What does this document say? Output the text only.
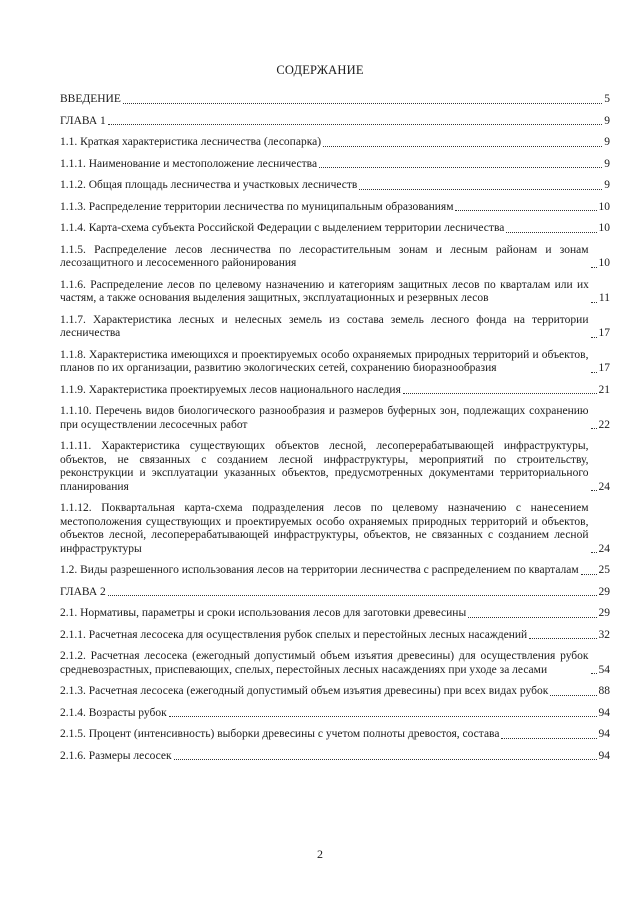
СОДЕРЖАНИЕ
ВВЕДЕНИЕ	5
ГЛАВА 1	9
1.1. Краткая характеристика лесничества (лесопарка)	9
1.1.1. Наименование и местоположение лесничества	9
1.1.2. Общая площадь лесничества и участковых лесничеств	9
1.1.3. Распределение территории лесничества по муниципальным образованиям	10
1.1.4. Карта-схема субъекта Российской Федерации с выделением территории лесничества	10
1.1.5. Распределение лесов лесничества по лесорастительным зонам и лесным районам и зонам лесозащитного и лесосеменного районирования	10
1.1.6. Распределение лесов по целевому назначению и категориям защитных лесов по кварталам или их частям, а также основания выделения защитных, эксплуатационных и резервных лесов	11
1.1.7. Характеристика лесных и нелесных земель из состава земель лесного фонда на территории лесничества	17
1.1.8. Характеристика имеющихся и проектируемых особо охраняемых природных территорий и объектов, планов по их организации, развитию экологических сетей, сохранению биоразнообразия	17
1.1.9. Характеристика проектируемых лесов национального наследия	21
1.1.10. Перечень видов биологического разнообразия и размеров буферных зон, подлежащих сохранению при осуществлении лесосечных работ	22
1.1.11. Характеристика существующих объектов лесной, лесоперерабатывающей инфраструктуры, объектов, не связанных с созданием лесной инфраструктуры, мероприятий по строительству, реконструкции и эксплуатации указанных объектов, предусмотренных документами территориального планирования	24
1.1.12. Поквартальная карта-схема подразделения лесов по целевому назначению с нанесением местоположения существующих и проектируемых особо охраняемых природных территорий и объектов, объектов лесной, лесоперерабатывающей инфраструктуры, объектов, не связанных с созданием лесной инфраструктуры	24
1.2. Виды разрешенного использования лесов на территории лесничества с распределением по кварталам 25
ГЛАВА 2	29
2.1. Нормативы, параметры и сроки использования лесов для заготовки древесины	29
2.1.1. Расчетная лесосека для осуществления рубок спелых и перестойных лесных насаждений	32
2.1.2. Расчетная лесосека (ежегодный допустимый объем изъятия древесины) для осуществления рубок средневозрастных, приспевающих, спелых, перестойных лесных насаждениях при уходе за лесами	54
2.1.3. Расчетная лесосека (ежегодный допустимый объем изъятия древесины) при всех видах рубок	88
2.1.4. Возрасты рубок	94
2.1.5. Процент (интенсивность) выборки древесины с учетом полноты древостоя, состава	94
2.1.6. Размеры лесосек	94
2
